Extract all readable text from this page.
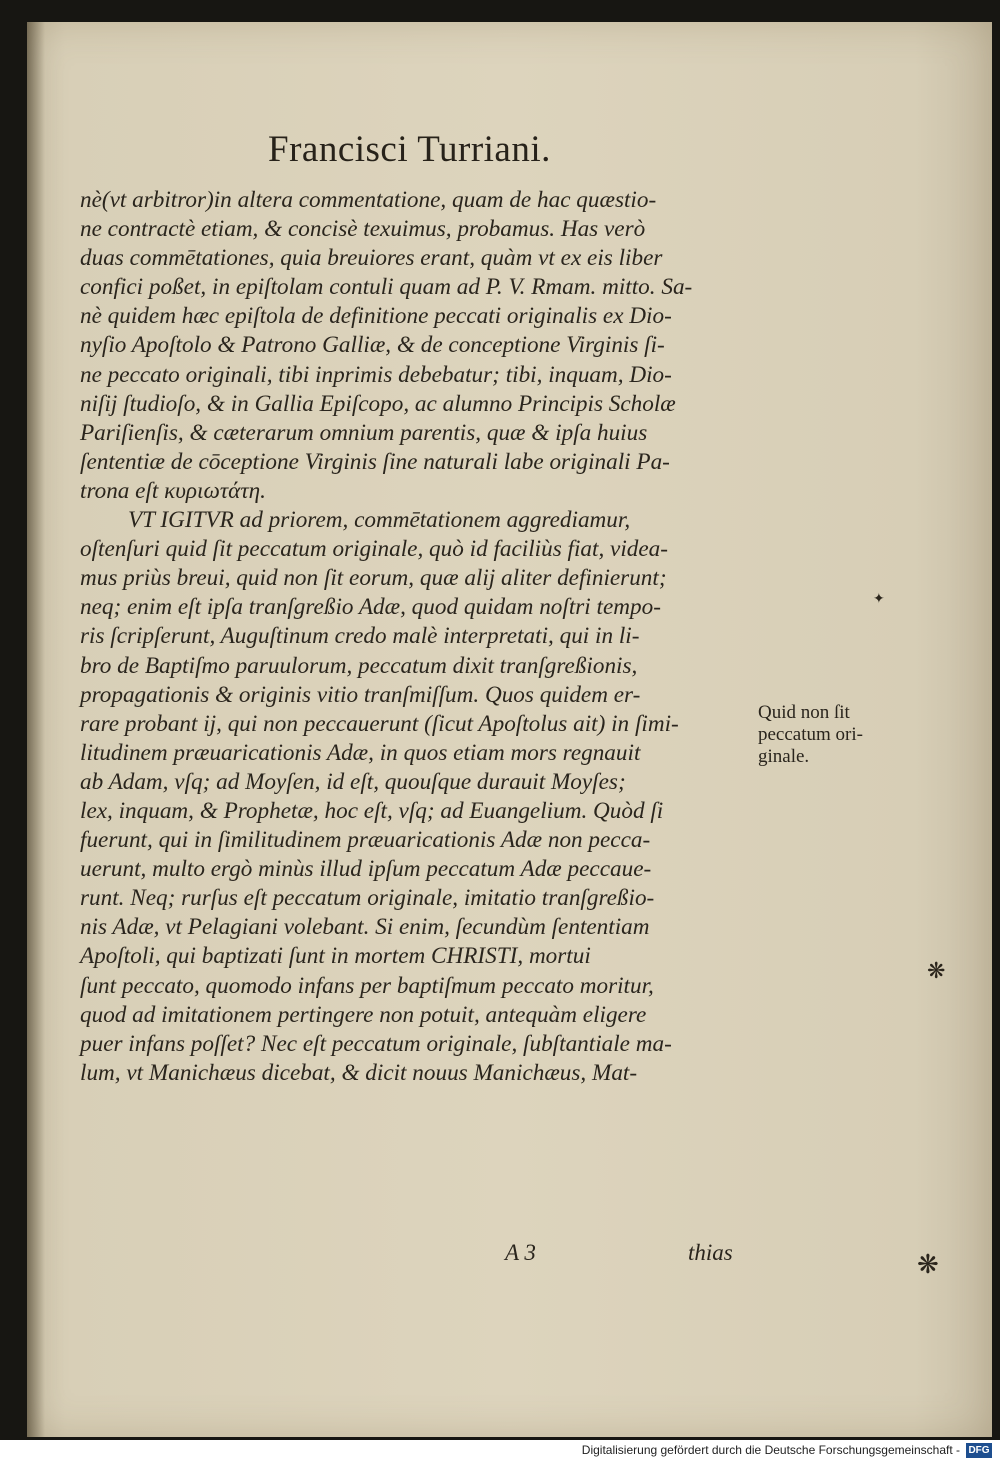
Francisci Turriani.
nè(vt arbitror)in altera commentatione, quam de hac quæstio-
ne contractè etiam, & concisè texuimus, probamus. Has verò
duas commētationes, quia breuiores erant, quàm vt ex eis liber
confici poßet, in epiſtolam contuli quam ad P. V. Rmam. mitto. Sa-
nè quidem hæc epiſtola de definitione peccati originalis ex Dio-
nyſio Apoſtolo & Patrono Galliæ, & de conceptione Virginis ſi-
ne peccato originali, tibi inprimis debebatur; tibi, inquam, Dio-
niſij ſtudioſo, & in Gallia Epiſcopo, ac alumno Principis Scholæ
Pariſienſis, & cæterarum omnium parentis, quæ & ipſa huius
ſententiæ de cōceptione Virginis ſine naturali labe originali Pa-
trona eſt κυριωτάτη.
VT IGITVR ad priorem, commētationem aggrediamur,
oſtenſuri quid ſit peccatum originale, quò id faciliùs fiat, videa-
mus priùs breui, quid non ſit eorum, quæ alij aliter definierunt;
neq; enim eſt ipſa tranſgreßio Adæ, quod quidam noſtri tempo-
ris ſcripſerunt, Auguſtinum credo malè interpretati, qui in li-
bro de Baptiſmo paruulorum, peccatum dixit tranſgreßionis,
propagationis & originis vitio tranſmiſſum. Quos quidem er-
rare probant ij, qui non peccauerunt (ſicut Apoſtolus ait) in ſimi-
litudinem præuaricationis Adæ, in quos etiam mors regnauit
ab Adam, vſq; ad Moyſen, id eſt, quouſque durauit Moyſes;
lex, inquam, & Prophetæ, hoc eſt, vſq; ad Euangelium. Quòd ſi
fuerunt, qui in ſimilitudinem præuaricationis Adæ non pecca-
uerunt, multo ergò minùs illud ipſum peccatum Adæ peccaue-
runt. Neq; rurſus eſt peccatum originale, imitatio tranſgreßio-
nis Adæ, vt Pelagiani volebant. Si enim, ſecundùm ſententiam
Apoſtoli, qui baptizati ſunt in mortem CHRISTI, mortui
ſunt peccato, quomodo infans per baptiſmum peccato moritur,
quod ad imitationem pertingere non potuit, antequàm eligere
puer infans poſſet? Nec eſt peccatum originale, ſubſtantiale ma-
lum, vt Manichæus dicebat, & dicit nouus Manichæus, Mat-
Quid non ſit
peccatum ori-
ginale.

A 3	thias

✦
❋
❋

Digitalisierung gefördert durch die Deutsche Forschungsgemeinschaft - DFG
